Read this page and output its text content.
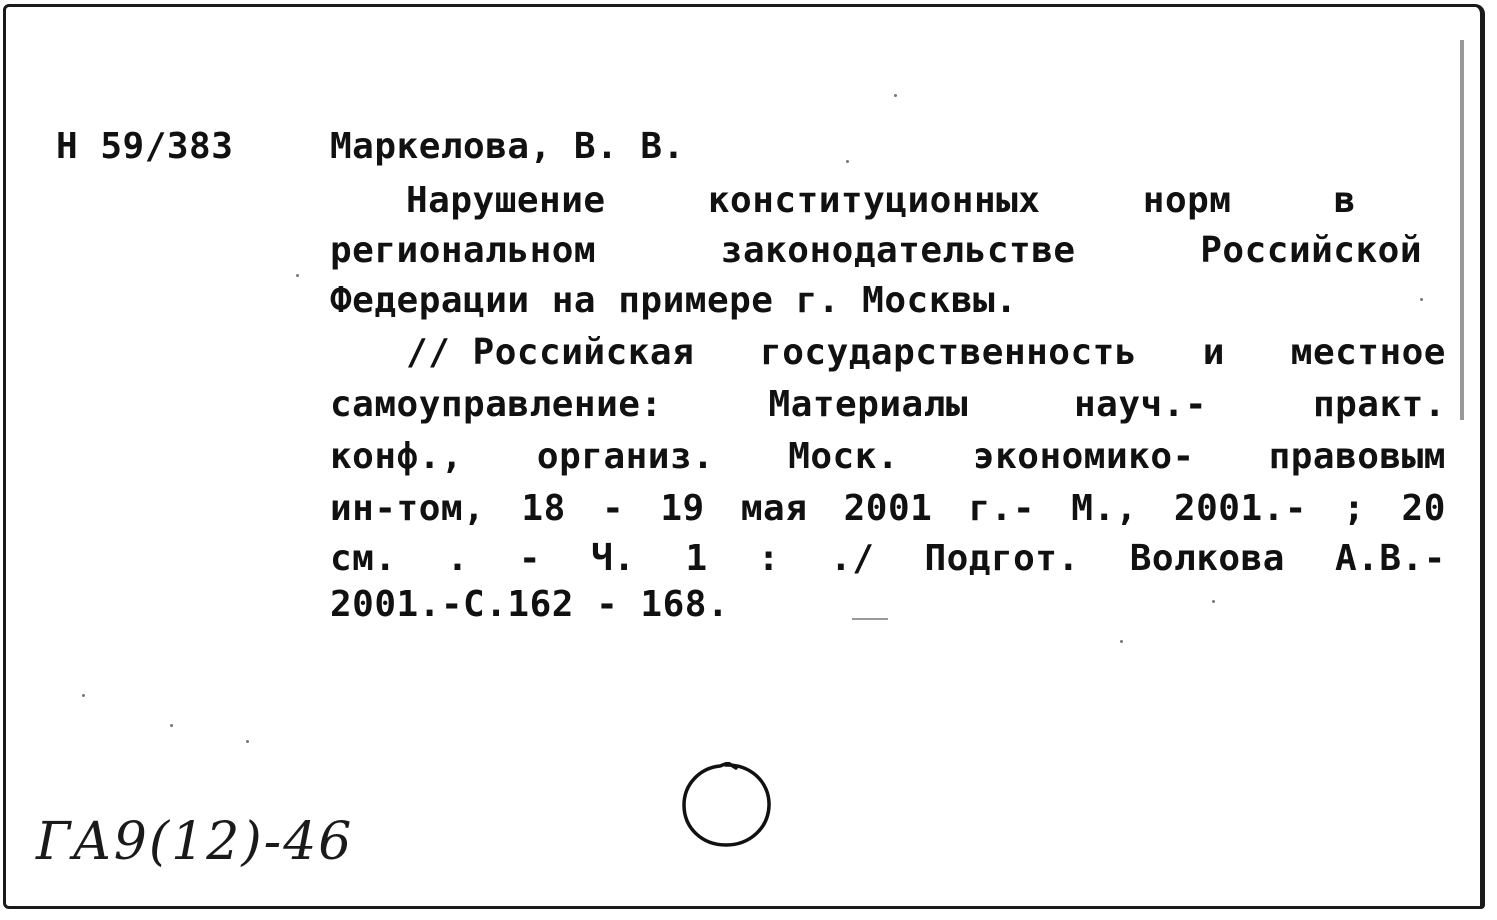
Н 59/383	Маркелова, В. В.
Нарушение	конституционных	норм	в
региональном	законодательстве	Российской
Федерации на примере г. Москвы.
// Российская государственность и местное
самоуправление:	Материалы	науч.-	практ.
конф., организ. Моск. экономико- правовым
ин-том, 18 - 19 мая 2001 г.- М., 2001.- ; 20
см. . - Ч. 1 : ./ Подгот. Волкова А.В.-
2001.-С.162 - 168.
ГА9(12)-46
